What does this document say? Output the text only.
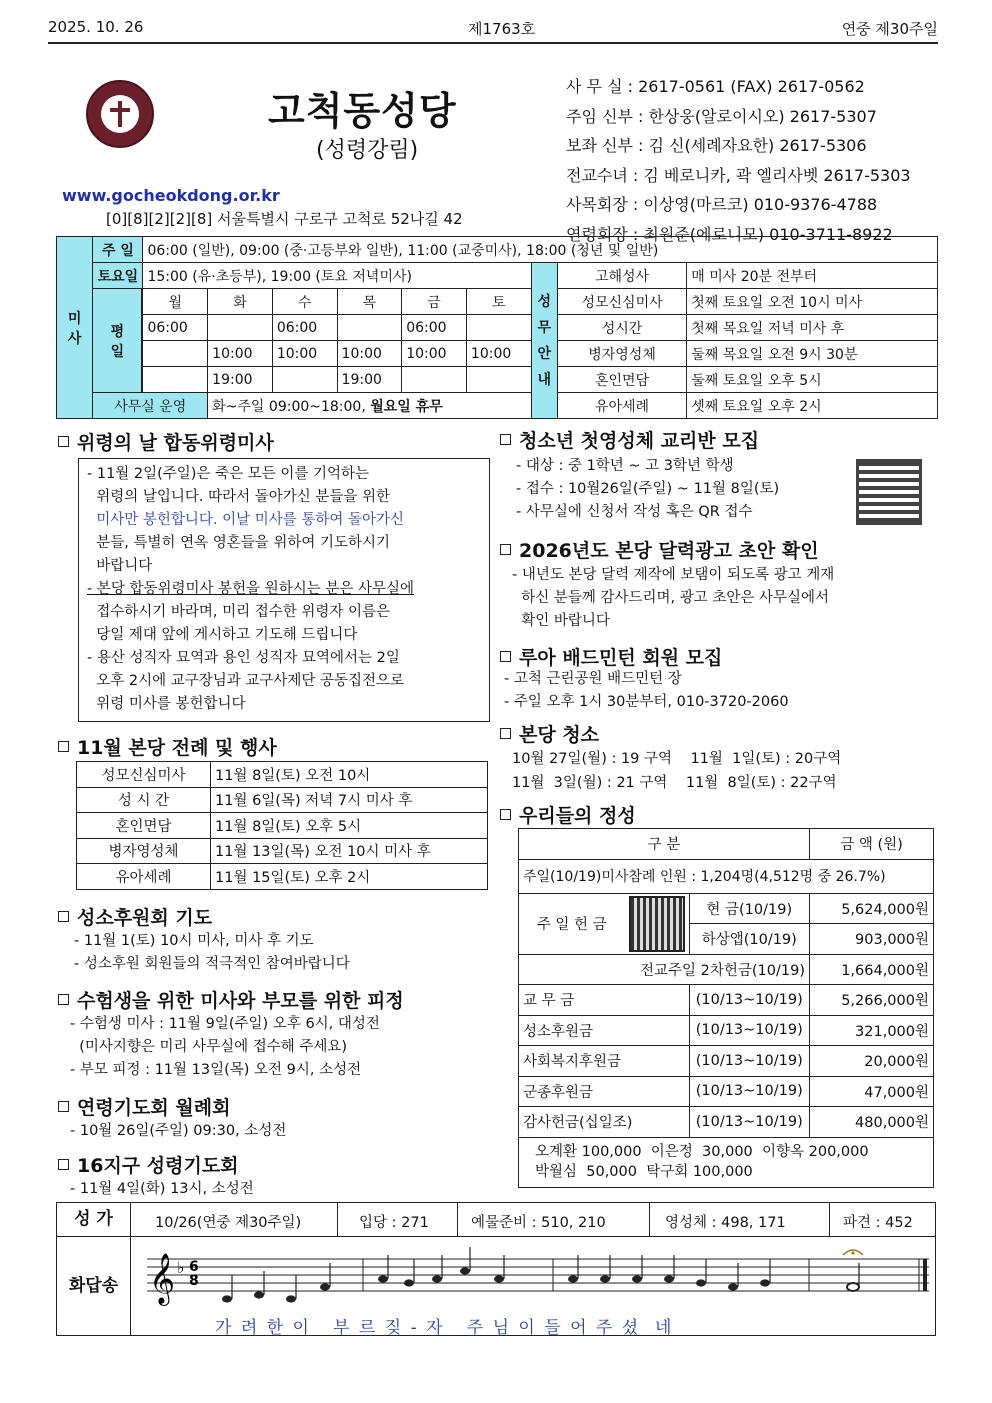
2025. 10. 26	제1763호	연중 제30주일
고척동성당
(성령강림)
www.gocheokdong.or.kr
[0][8][2][2][8] 서울특별시 구로구 고척로 52나길 42
사 무 실 : 2617-0561 (FAX) 2617-0562
주임 신부 : 한상웅(알로이시오) 2617-5307
보좌 신부 : 김 신(세례자요한) 2617-5306
전교수녀 : 김 베로니카, 곽 엘리사벳 2617-5303
사목회장 : 이상영(마르코) 010-9376-4788
연령회장 : 최원준(에로니모) 010-3711-8922
미사	주 일	06:00 (일반), 09:00 (중·고등부와 일반), 11:00 (교중미사), 18:00 (청년 및 일반)								
	토요일	15:00 (유·초등부), 19:00 (토요 저녁미사)						성무안내	고해성사	매 미사 20분 전부터
	평일		월	화	수	목	금	토		성모신심미사	첫째 토요일 오전 10시 미사
		06:00		06:00		06:00			성시간	첫째 목요일 저녁 미사 후
			10:00	10:00	10:00	10:00	10:00		병자영성체	둘째 목요일 오전 9시 30분
			19:00		19:00				혼인면담	둘째 토요일 오후 5시
	사무실 운영		화~주일 09:00~18:00, 월요일 휴무						유아세례	셋째 토요일 오후 2시
위령의 날 합동위령미사
- 11월 2일(주일)은 죽은 모든 이를 기억하는
위령의 날입니다. 따라서 돌아가신 분들을 위한
미사만 봉헌합니다. 이날 미사를 통하여 돌아가신
분들, 특별히 연옥 영혼들을 위하여 기도하시기
바랍니다
- 본당 합동위령미사 봉헌을 원하시는 분은 사무실에
접수하시기 바라며, 미리 접수한 위령자 이름은
당일 제대 앞에 게시하고 기도해 드립니다
- 용산 성직자 묘역과 용인 성직자 묘역에서는 2일
오후 2시에 교구장님과 교구사제단 공동집전으로
위령 미사를 봉헌합니다
11월 본당 전례 및 행사
성모신심미사	11월 8일(토) 오전 10시
성 시 간	11월 6일(목) 저녁 7시 미사 후
혼인면담	11월 8일(토) 오후 5시
병자영성체	11월 13일(목) 오전 10시 미사 후
유아세례	11월 15일(토) 오후 2시
성소후원회 기도
- 11월 1(토) 10시 미사, 미사 후 기도
- 성소후원 회원들의 적극적인 참여바랍니다
수험생을 위한 미사와 부모를 위한 피정
- 수험생 미사 : 11월 9일(주일) 오후 6시, 대성전
(미사지향은 미리 사무실에 접수해 주세요)
- 부모 피정 : 11월 13일(목) 오전 9시, 소성전
연령기도회 월례회
- 10월 26일(주일) 09:30, 소성전
16지구 성령기도회
- 11월 4일(화) 13시, 소성전
청소년 첫영성체 교리반 모집
- 대상 : 중 1학년 ~ 고 3학년 학생
- 접수 : 10월26일(주일) ~ 11월 8일(토)
- 사무실에 신청서 작성 혹은 QR 접수
2026년도 본당 달력광고 초안 확인
- 내년도 본당 달력 제작에 보탬이 되도록 광고 게재
하신 분들께 감사드리며, 광고 초안은 사무실에서
확인 바랍니다
루아 배드민턴 회원 모집
- 고척 근린공원 배드민턴 장
- 주일 오후 1시 30분부터, 010-3720-2060
본당 청소
10월 27일(월) : 19 구역    11월  1일(토) : 20구역
11월  3일(월) : 21 구역    11월  8일(토) : 22구역
우리들의 정성
구 분			금 액 (원)
주일(10/19)미사참례 인원 : 1,204명(4,512명 중 26.7%)			
주 일 헌 금		현 금(10/19)	5,624,000원
		하상앱(10/19)	903,000원
전교주일 2차헌금(10/19)			1,664,000원
교 무 금		(10/13~10/19)	5,266,000원
성소후원금		(10/13~10/19)	321,000원
사회복지후원금		(10/13~10/19)	20,000원
군종후원금		(10/13~10/19)	47,000원
감사헌금(십일조)		(10/13~10/19)	480,000원

오계환 100,000  이은정  30,000  이향옥 200,000
박월심  50,000  탁구회 100,000			
성 가	10/26(연중 제30주일)	입당 : 271	예물준비 : 510, 210	영성체 : 498, 171	파견 : 452
화답송 𝄞 ♭ 6
8
가 려 한 이   부 르 짖 - 자   주 님 이 들 어 주 셨  네
